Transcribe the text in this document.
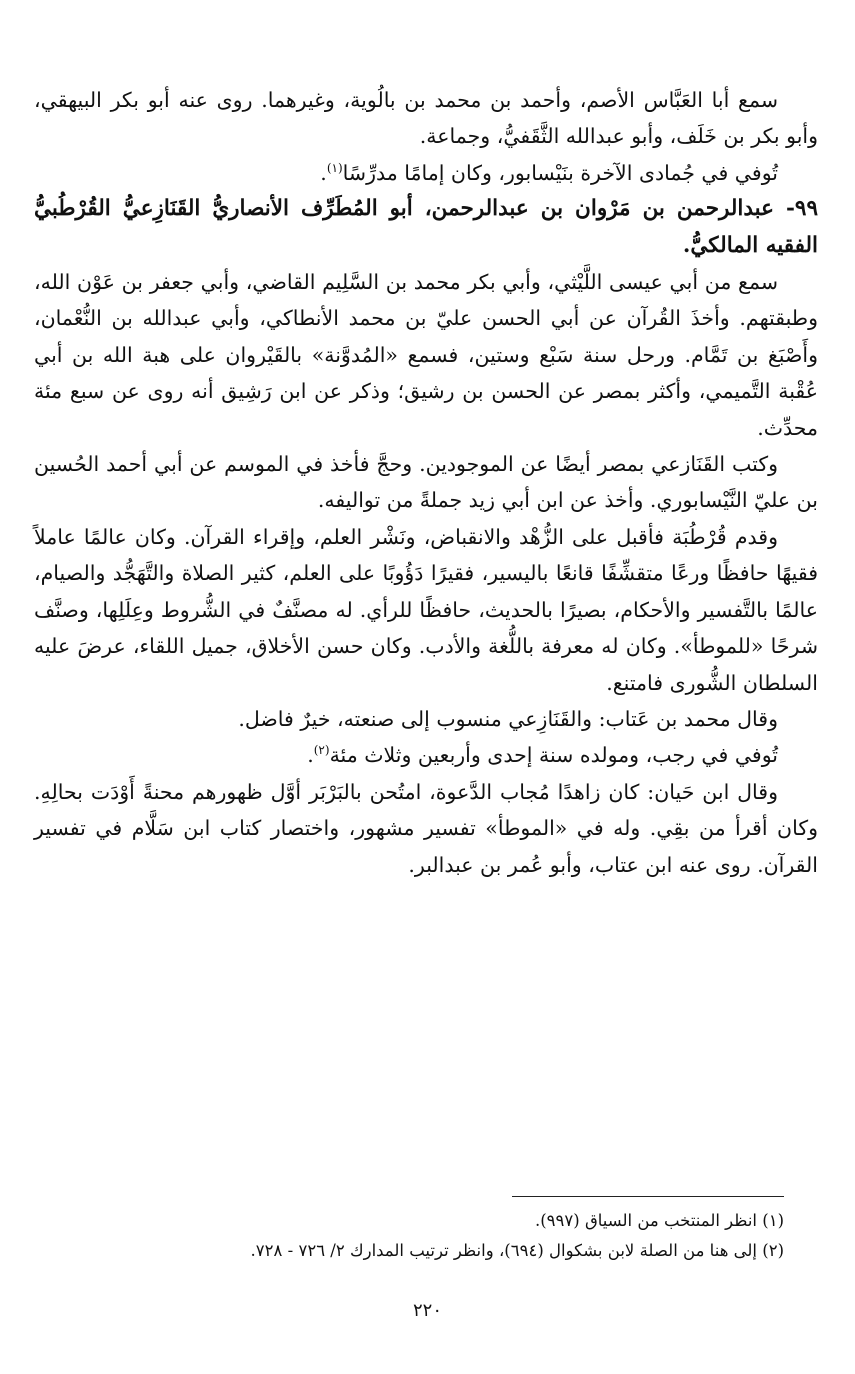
سمع أبا العَبَّاس الأصم، وأحمد بن محمد بن بالُوية، وغيرهما. روى عنه أبو بكر البيهقي، وأبو بكر بن خَلَف، وأبو عبدالله الثَّقَفيُّ، وجماعة.

تُوفي في جُمادى الآخرة بنَيْسابور، وكان إمامًا مدرِّسًا$^{(١)}$.

٩٩- عبدالرحمن بن مَرْوان بن عبدالرحمن، أبو المُطَرِّف الأنصاريُّ القَنَازِعيُّ القُرْطُبيُّ الفقيه المالكيُّ.

سمع من أبي عيسى اللَّيْثي، وأبي بكر محمد بن السَّلِيم القاضي، وأبي جعفر بن عَوْن الله، وطبقتهم. وأخذَ القُرآن عن أبي الحسن عليّ بن محمد الأنطاكي، وأبي عبدالله بن النُّعْمان، وأَصْبَغ بن تَمَّام. ورحل سنة سَبْع وستين، فسمع «المُدوَّنة» بالقَيْروان على هبة الله بن أبي عُقْبة التَّميمي، وأكثر بمصر عن الحسن بن رشيق؛ وذكر عن ابن رَشِيق أنه روى عن سبع مئة محدِّث.

وكتب القَنَازعي بمصر أيضًا عن الموجودين. وحجَّ فأخذ في الموسم عن أبي أحمد الحُسين بن عليّ النَّيْسابوري. وأخذ عن ابن أبي زيد جملةً من تواليفه.

وقدم قُرْطُبَة فأقبل على الزُّهْد والانقباض، ونَشْر العلم، وإقراء القرآن. وكان عالمًا عاملاً فقيهًا حافظًا ورعًا متقشِّفًا قانعًا باليسير، فقيرًا دَؤُوبًا على العلم، كثير الصلاة والتَّهَجُّد والصيام، عالمًا بالتَّفسير والأحكام، بصيرًا بالحديث، حافظًا للرأي. له مصنَّفٌ في الشُّروط وعِلَلِها، وصنَّف شرحًا «للموطأ». وكان له معرفة باللُّغة والأدب. وكان حسن الأخلاق، جميل اللقاء، عرضَ عليه السلطان الشُّورى فامتنع.

وقال محمد بن عَتاب: والقَنَازِعي منسوب إلى صنعته، خيرٌ فاضل.

تُوفي في رجب، ومولده سنة إحدى وأربعين وثلاث مئة$^{(٢)}$.

وقال ابن حَيان: كان زاهدًا مُجاب الدَّعوة، امتُحن بالبَرْبَر أوَّل ظهورهم محنةً أَوْدَت بحالِهِ. وكان أقرأ من بقِي. وله في «الموطأ» تفسير مشهور، واختصار كتاب ابن سَلَّام في تفسير القرآن. روى عنه ابن عتاب، وأبو عُمر بن عبدالبر.

(١) انظر المنتخب من السياق (٩٩٧).

(٢) إلى هنا من الصلة لابن بشكوال (٦٩٤)، وانظر ترتيب المدارك ٢/ ٧٢٦ - ٧٢٨.

٢٢٠
